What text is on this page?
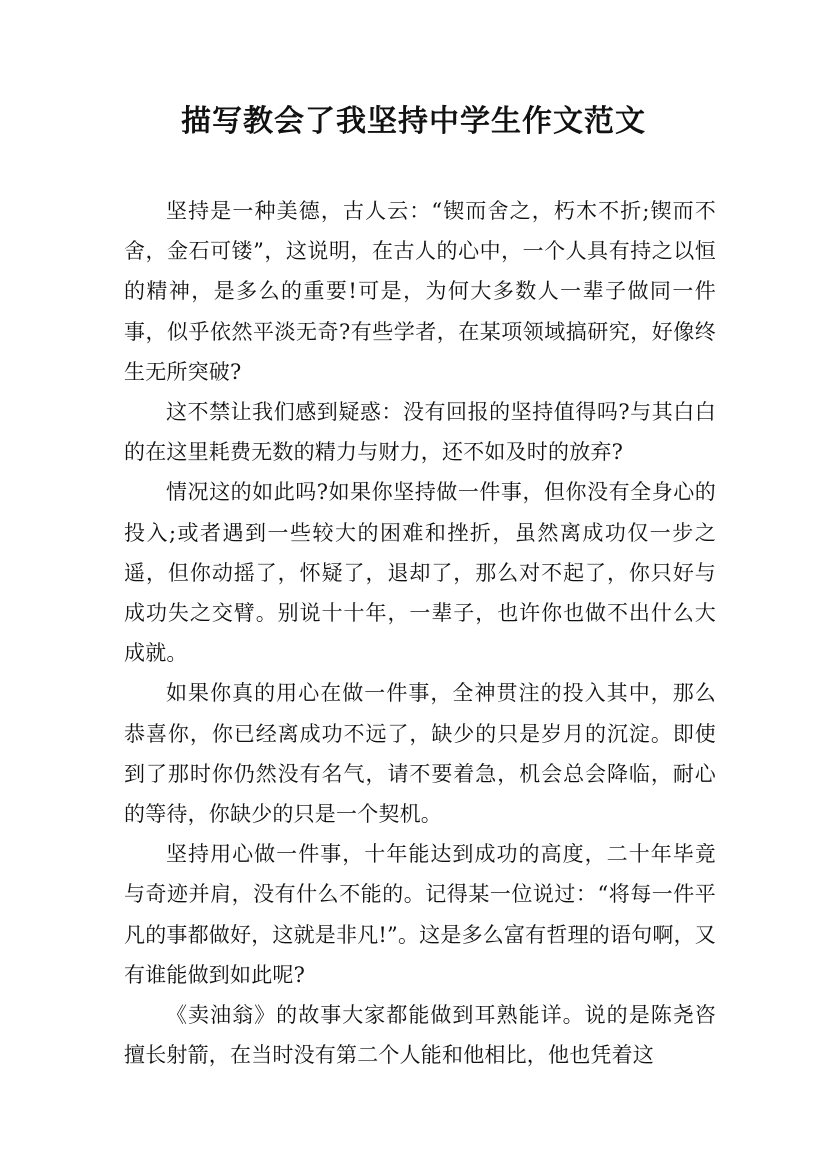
描写教会了我坚持中学生作文范文

坚持是一种美德，古人云：“锲而舍之，朽木不折;锲而不舍，金石可镂”，这说明，在古人的心中，一个人具有持之以恒的精神，是多么的重要!可是，为何大多数人一辈子做同一件事，似乎依然平淡无奇?有些学者，在某项领域搞研究，好像终生无所突破?

这不禁让我们感到疑惑：没有回报的坚持值得吗?与其白白的在这里耗费无数的精力与财力，还不如及时的放弃?

情况这的如此吗?如果你坚持做一件事，但你没有全身心的投入;或者遇到一些较大的困难和挫折，虽然离成功仅一步之遥，但你动摇了，怀疑了，退却了，那么对不起了，你只好与成功失之交臂。别说十十年，一辈子，也许你也做不出什么大成就。

如果你真的用心在做一件事，全神贯注的投入其中，那么恭喜你，你已经离成功不远了，缺少的只是岁月的沉淀。即使到了那时你仍然没有名气，请不要着急，机会总会降临，耐心的等待，你缺少的只是一个契机。

坚持用心做一件事，十年能达到成功的高度，二十年毕竟与奇迹并肩，没有什么不能的。记得某一位说过：“将每一件平凡的事都做好，这就是非凡!”。这是多么富有哲理的语句啊，又有谁能做到如此呢?

《卖油翁》的故事大家都能做到耳熟能详。说的是陈尧咨擅长射箭，在当时没有第二个人能和他相比，他也凭着这
